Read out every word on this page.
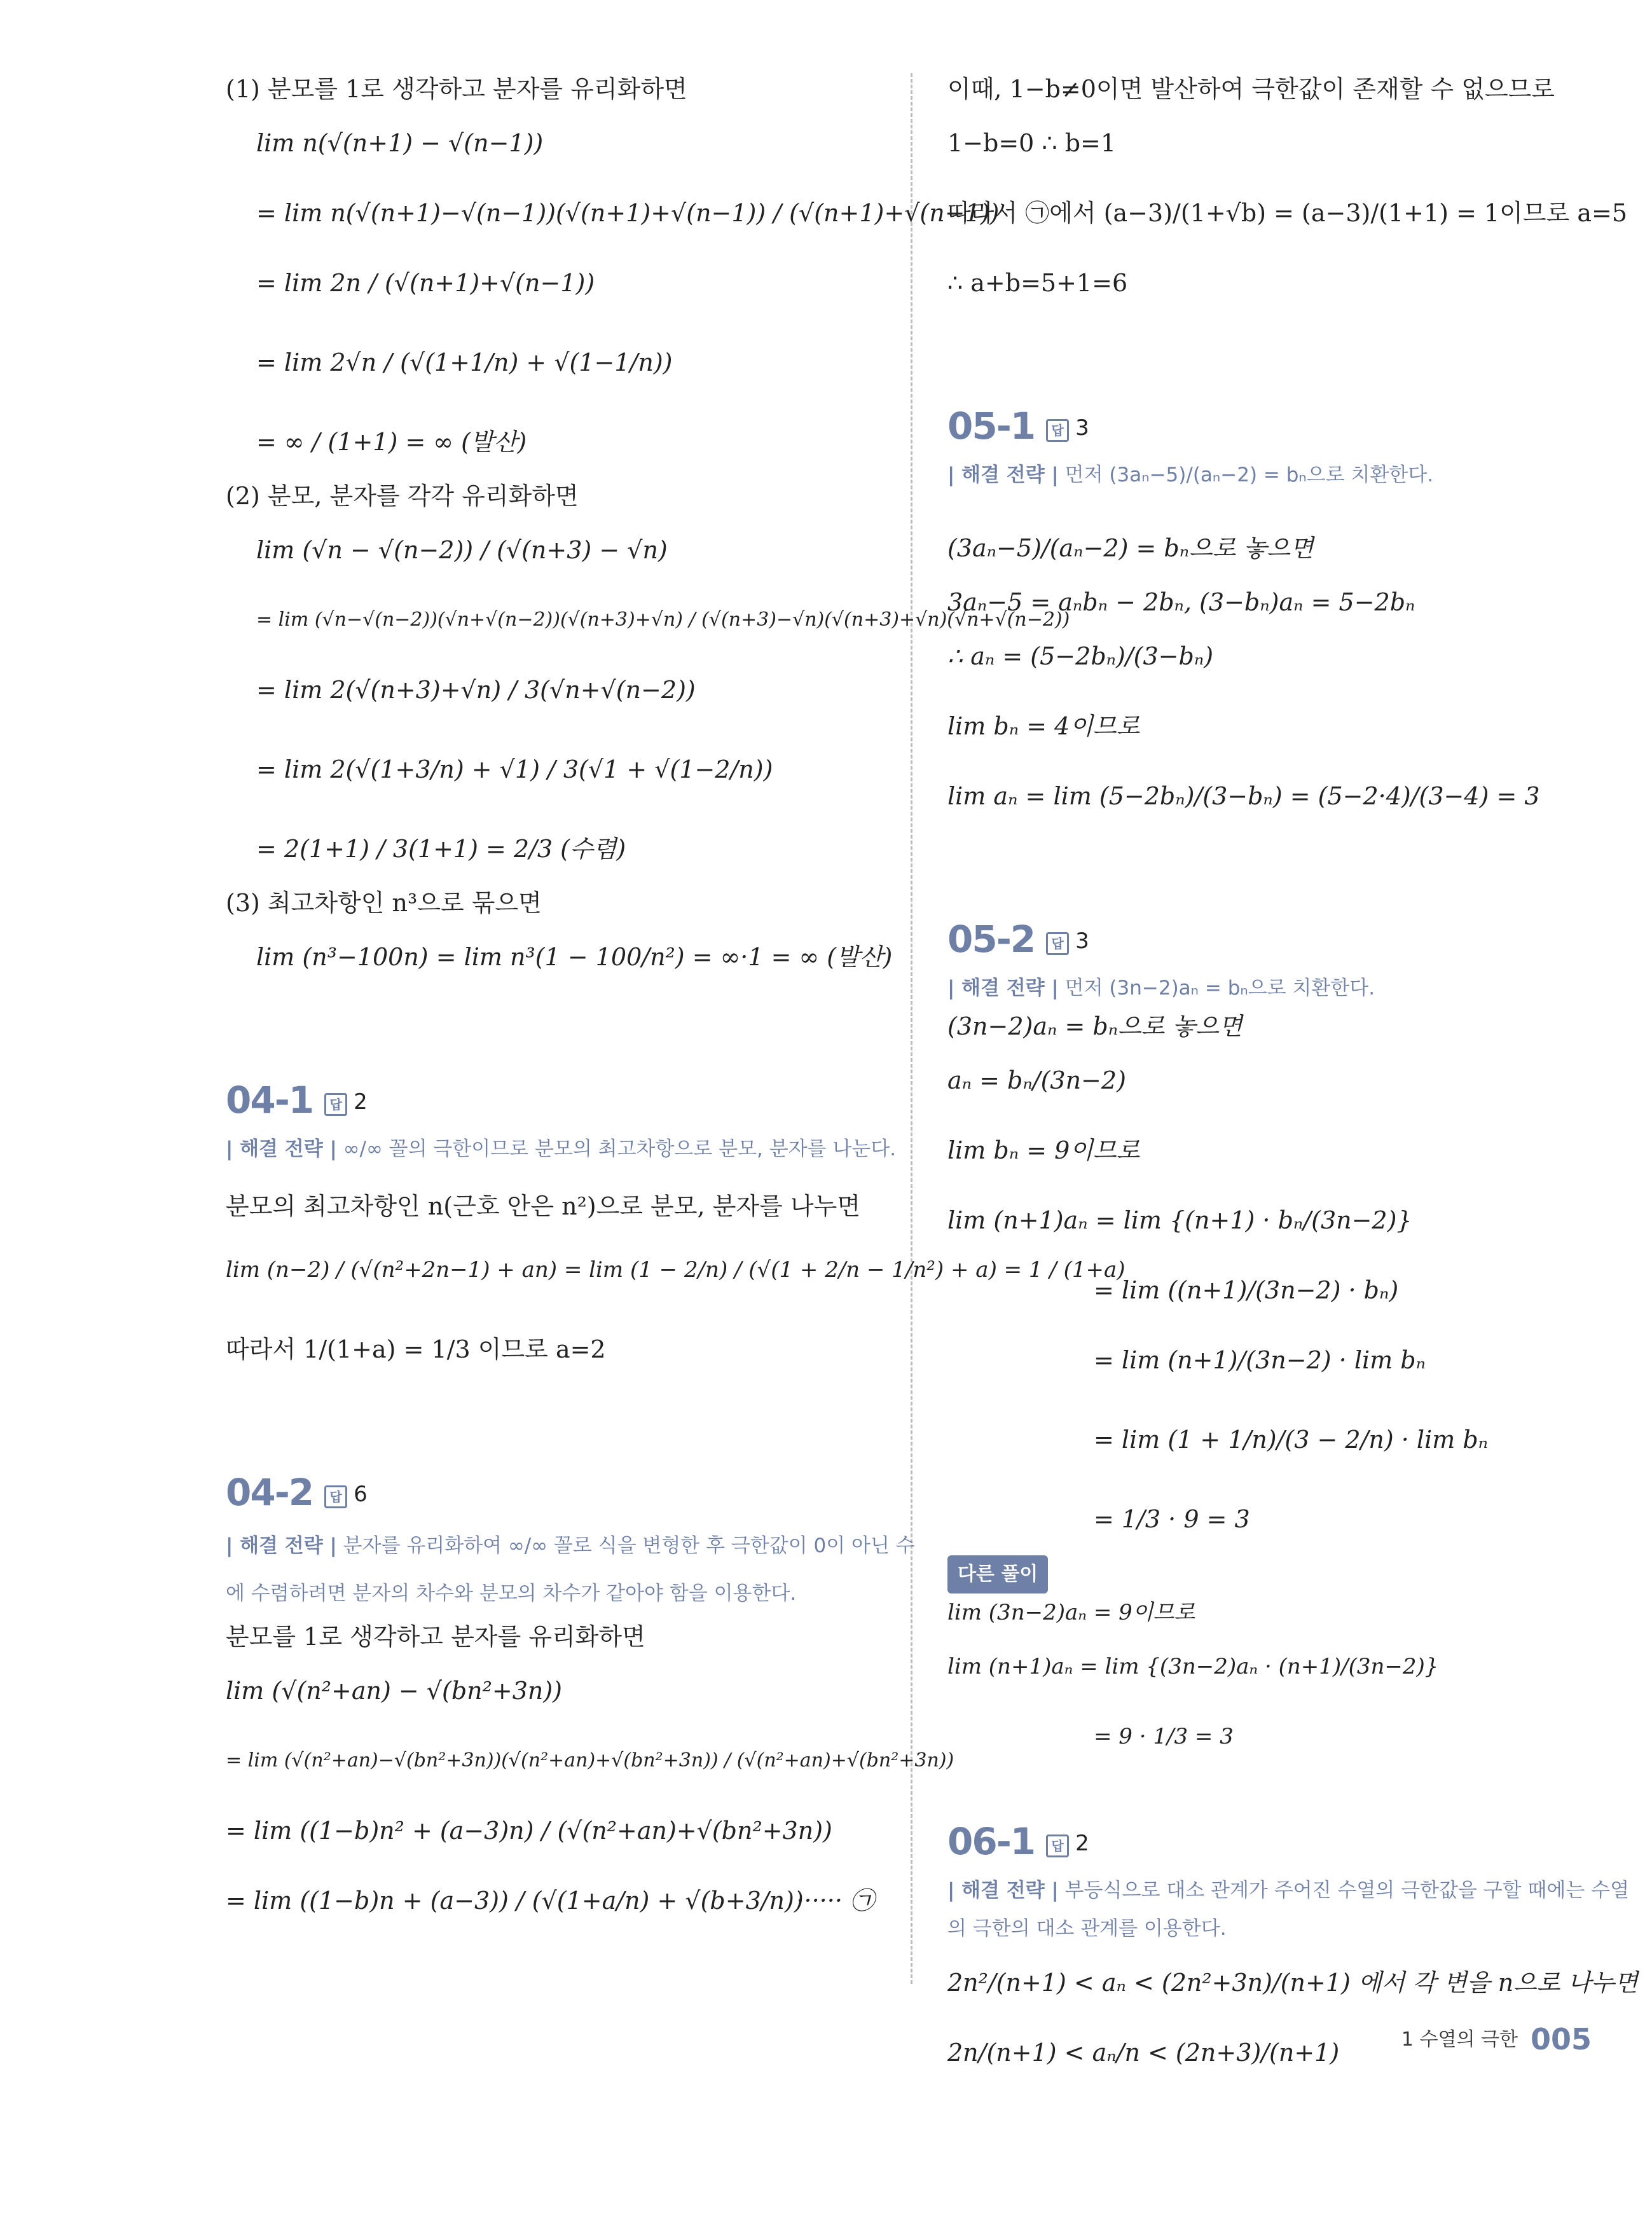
(1) 분모를 1로 생각하고 분자를 유리화하면
lim n(√(n+1) − √(n−1))
= lim n(√(n+1)−√(n−1))(√(n+1)+√(n−1)) / (√(n+1)+√(n−1))
= lim 2n / (√(n+1)+√(n−1))
= lim 2√n / (√(1+1/n) + √(1−1/n))
= ∞ / (1+1) = ∞ (발산)
(2) 분모, 분자를 각각 유리화하면
lim (√n − √(n−2)) / (√(n+3) − √n)
= lim (√n−√(n−2))(√n+√(n−2))(√(n+3)+√n) / (√(n+3)−√n)(√(n+3)+√n)(√n+√(n−2))
= lim 2(√(n+3)+√n) / 3(√n+√(n−2))
= lim 2(√(1+3/n) + √1) / 3(√1 + √(1−2/n))
= 2(1+1) / 3(1+1) = 2/3 (수렴)
(3) 최고차항인 n³으로 묶으면
lim (n³−100n) = lim n³(1 − 100/n²) = ∞·1 = ∞ (발산)
04-1 답 2
| 해결 전략 | ∞/∞ 꼴의 극한이므로 분모의 최고차항으로 분모, 분자를 나눈다.
분모의 최고차항인 n(근호 안은 n²)으로 분모, 분자를 나누면
lim (n−2) / (√(n²+2n−1) + an) = lim (1 − 2/n) / (√(1 + 2/n − 1/n²) + a) = 1 / (1+a)
따라서 1/(1+a) = 1/3 이므로 a=2
04-2 답 6
| 해결 전략 | 분자를 유리화하여 ∞/∞ 꼴로 식을 변형한 후 극한값이 0이 아닌 수
에 수렴하려면 분자의 차수와 분모의 차수가 같아야 함을 이용한다.
분모를 1로 생각하고 분자를 유리화하면
lim (√(n²+an) − √(bn²+3n))
= lim (√(n²+an)−√(bn²+3n))(√(n²+an)+√(bn²+3n)) / (√(n²+an)+√(bn²+3n))
= lim ((1−b)n² + (a−3)n) / (√(n²+an)+√(bn²+3n))
= lim ((1−b)n + (a−3)) / (√(1+a/n) + √(b+3/n))
······ ㉠
이때, 1−b≠0이면 발산하여 극한값이 존재할 수 없으므로
1−b=0 ∴ b=1
따라서 ㉠에서 (a−3)/(1+√b) = (a−3)/(1+1) = 1이므로 a=5
∴ a+b=5+1=6
05-1 답 3
| 해결 전략 | 먼저 (3aₙ−5)/(aₙ−2) = bₙ으로 치환한다.
(3aₙ−5)/(aₙ−2) = bₙ으로 놓으면
3aₙ−5 = aₙbₙ − 2bₙ, (3−bₙ)aₙ = 5−2bₙ
∴ aₙ = (5−2bₙ)/(3−bₙ)
lim bₙ = 4이므로
lim aₙ = lim (5−2bₙ)/(3−bₙ) = (5−2·4)/(3−4) = 3
05-2 답 3
| 해결 전략 | 먼저 (3n−2)aₙ = bₙ으로 치환한다.
(3n−2)aₙ = bₙ으로 놓으면
aₙ = bₙ/(3n−2)
lim bₙ = 9이므로
lim (n+1)aₙ = lim {(n+1) · bₙ/(3n−2)}
= lim ((n+1)/(3n−2) · bₙ)
= lim (n+1)/(3n−2) · lim bₙ
= lim (1 + 1/n)/(3 − 2/n) · lim bₙ
= 1/3 · 9 = 3
다른 풀이
lim (3n−2)aₙ = 9이므로
lim (n+1)aₙ = lim {(3n−2)aₙ · (n+1)/(3n−2)}
= 9 · 1/3 = 3
06-1 답 2
| 해결 전략 | 부등식으로 대소 관계가 주어진 수열의 극한값을 구할 때에는 수열
의 극한의 대소 관계를 이용한다.
2n²/(n+1) < aₙ < (2n²+3n)/(n+1) 에서 각 변을 n으로 나누면
2n/(n+1) < aₙ/n < (2n+3)/(n+1)	1 수열의 극한 005
